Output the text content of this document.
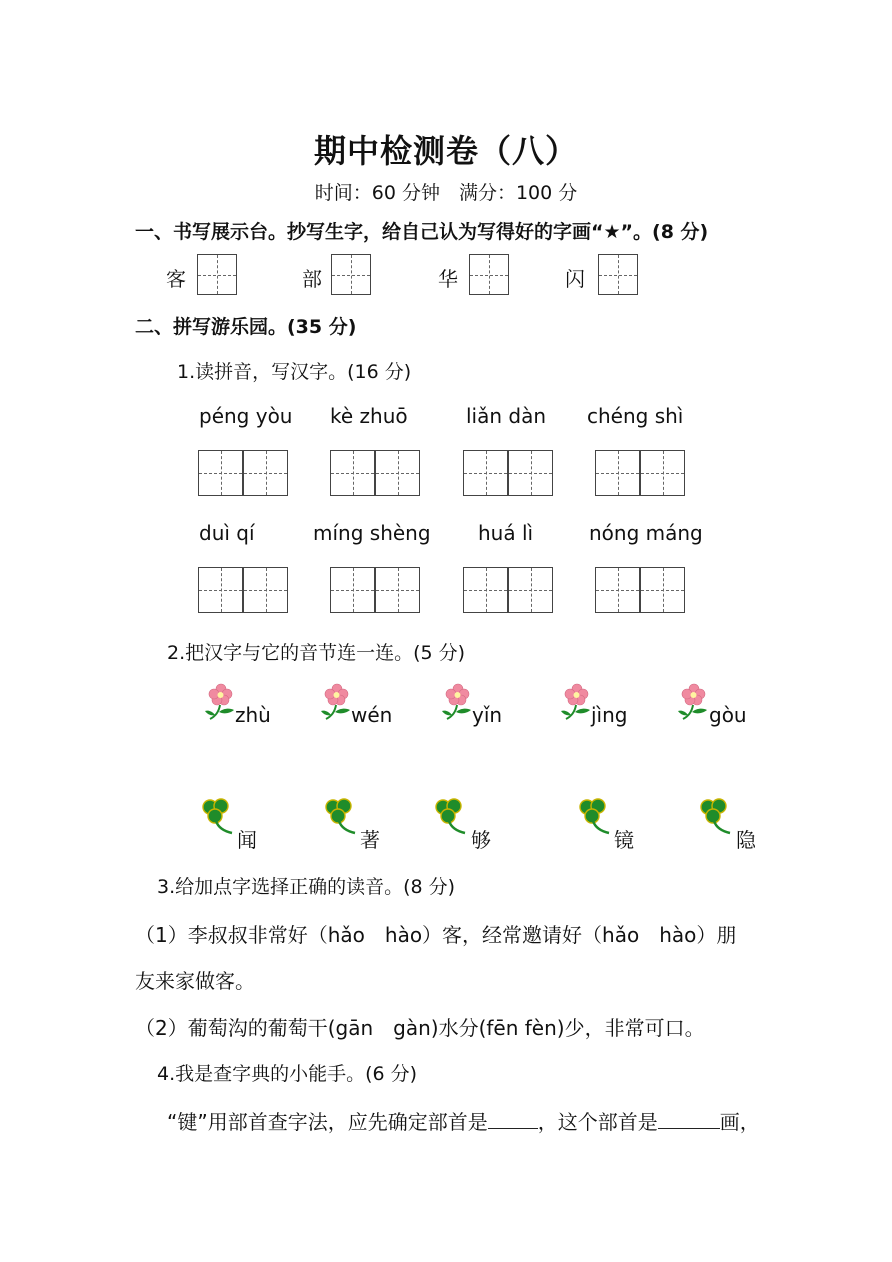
期中检测卷（八）
时间：60 分钟　满分：100 分
一、书写展示台。抄写生字，给自己认为写得好的字画“★”。(8 分)
客	部	华	闪
二、拼写游乐园。(35 分)
1.读拼音，写汉字。(16 分)
péng yòu kè zhuō	liǎn dàn chéng shì
duì qí	míng shèng huá lì	nóng máng
2.把汉字与它的音节连一连。(5 分)
zhù	wén	yǐn	jìng	gòu
闻	著	够	镜	隐
3.给加点字选择正确的读音。(8 分)
（1）李叔叔非常好（hǎo　hào）客，经常邀请好（hǎo　hào）朋
友来家做客。
（2）葡萄沟的葡萄干(gān　gàn)水分(fēn fèn)少，非常可口。
4.我是查字典的小能手。(6 分)
“键”用部首查字法，应先确定部首是	，这个部首是	画，
